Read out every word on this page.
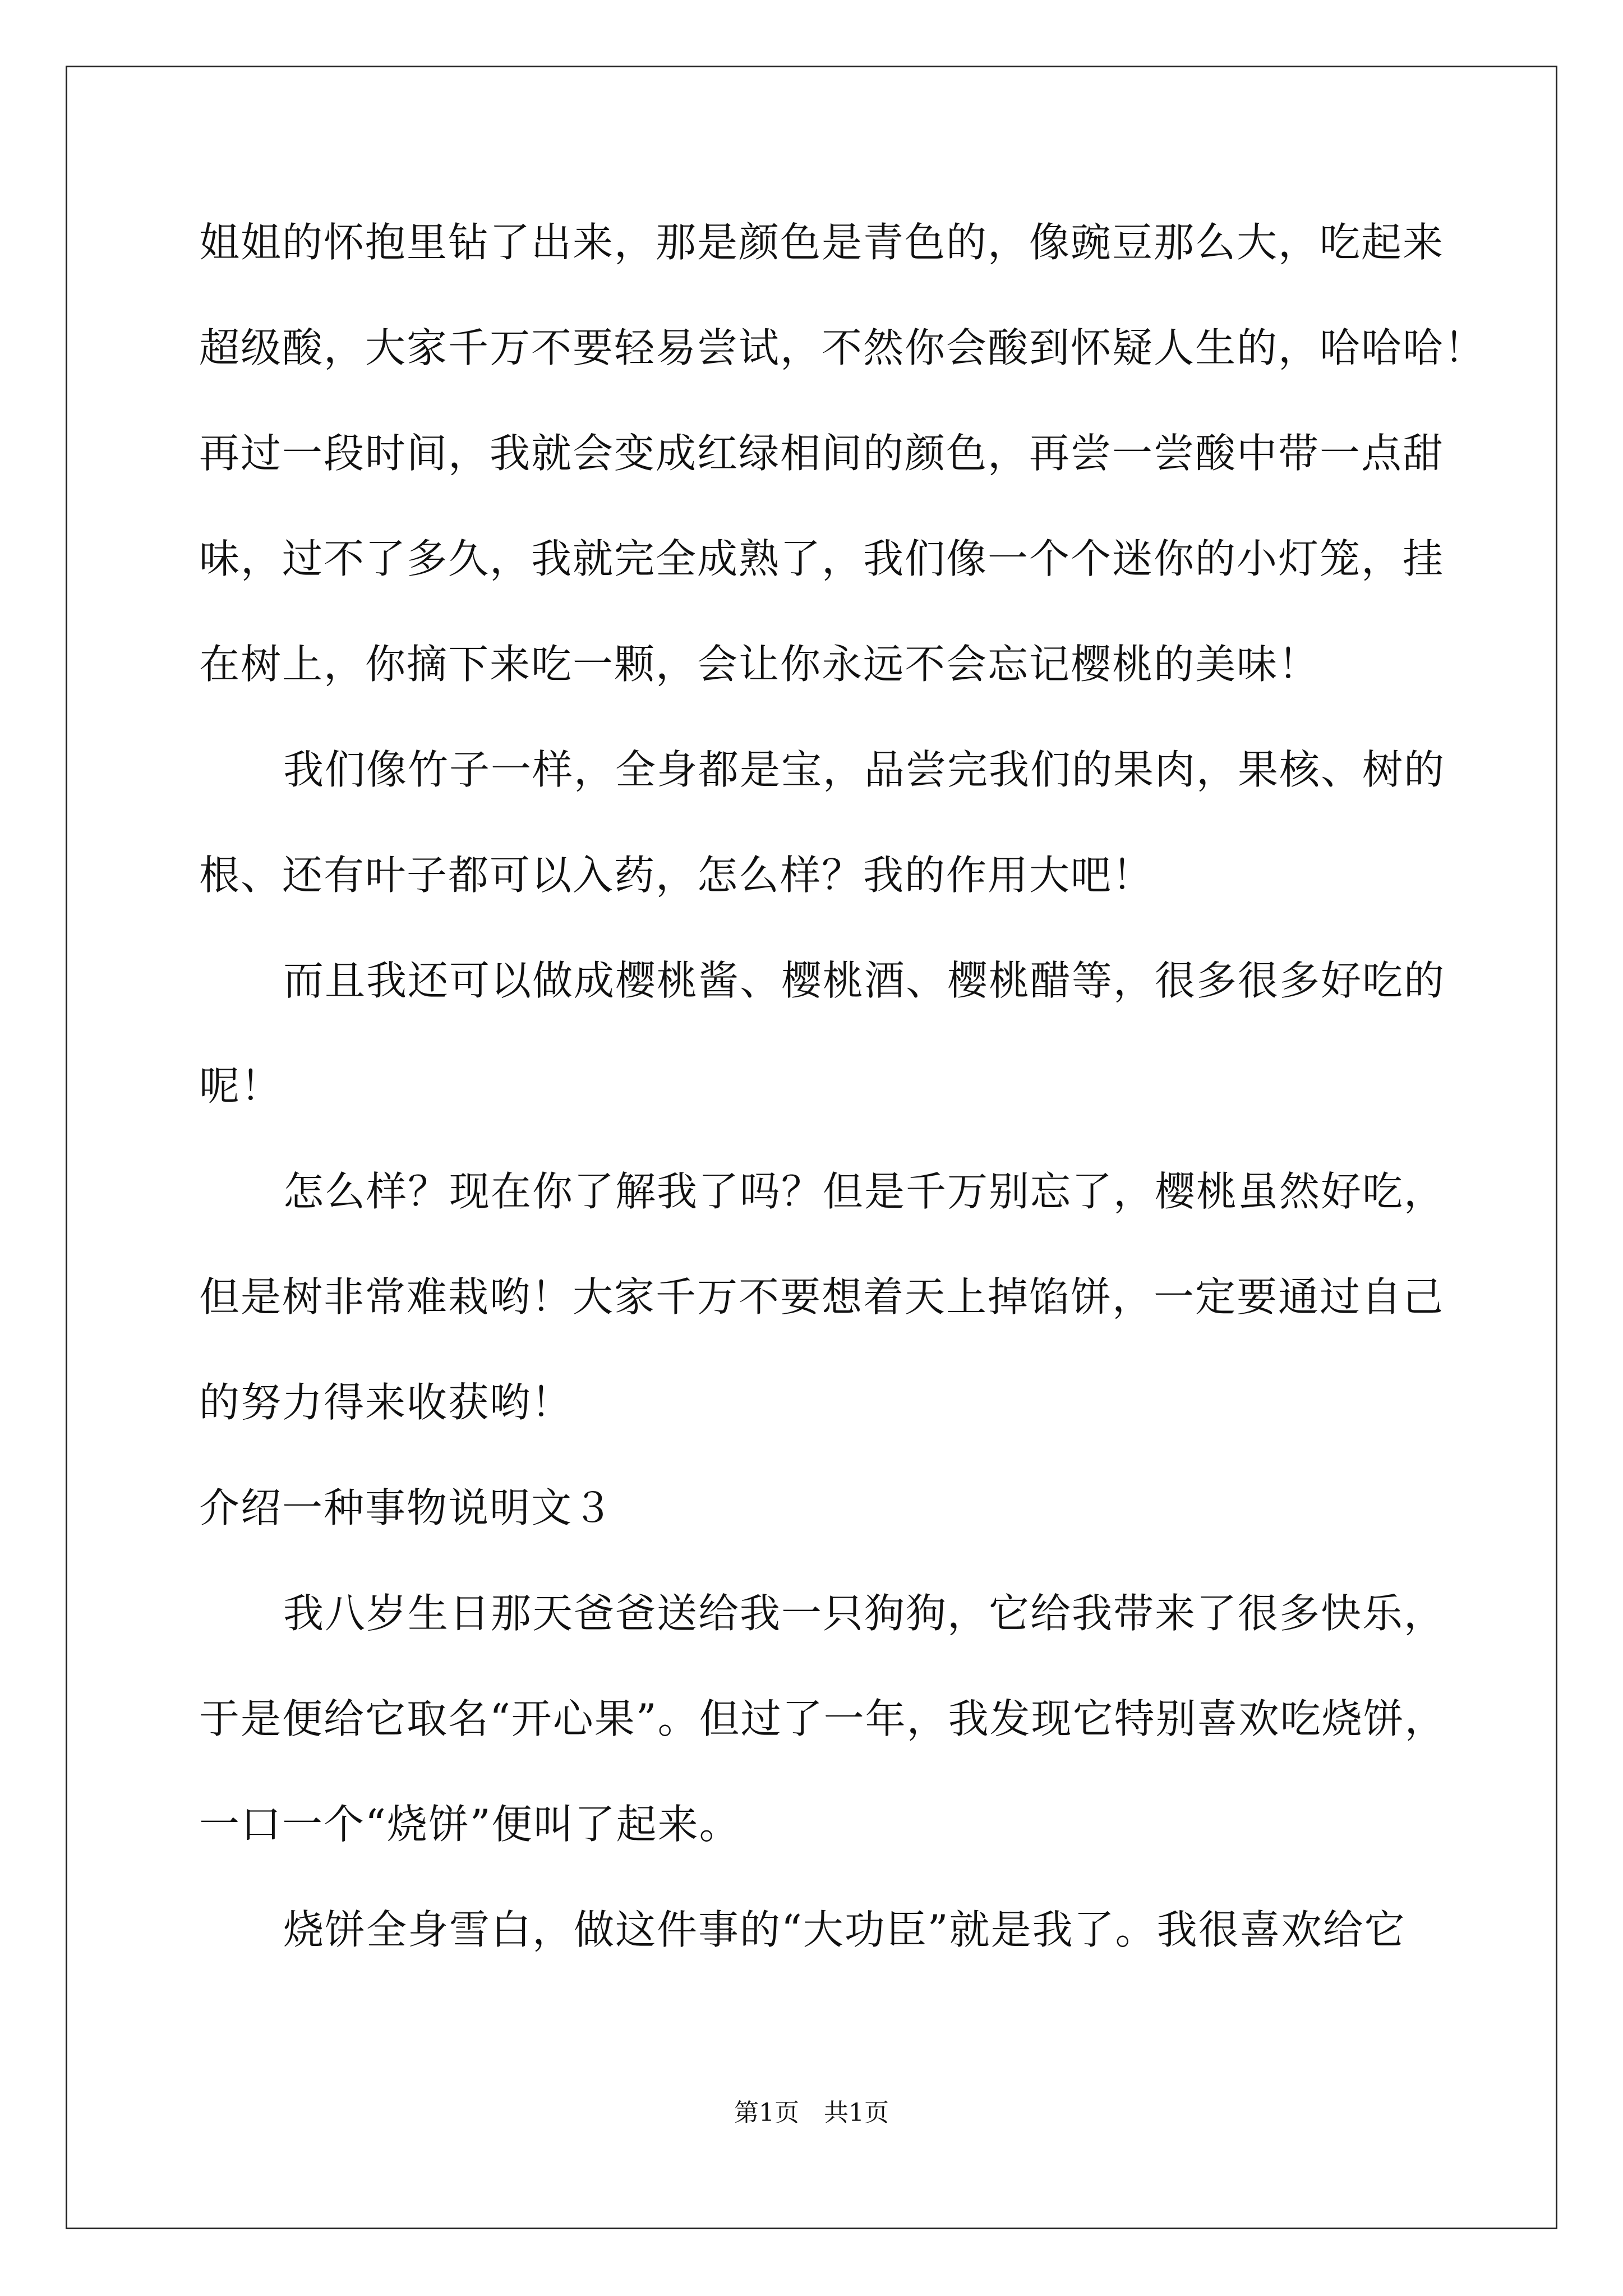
姐姐的怀抱里钻了出来，那是颜色是青色的，像豌豆那么大，吃起来
超级酸，大家千万不要轻易尝试，不然你会酸到怀疑人生的，哈哈哈！
再过一段时间，我就会变成红绿相间的颜色，再尝一尝酸中带一点甜
味，过不了多久，我就完全成熟了，我们像一个个迷你的小灯笼，挂
在树上，你摘下来吃一颗，会让你永远不会忘记樱桃的美味！
我们像竹子一样，全身都是宝，品尝完我们的果肉，果核、树的
根、还有叶子都可以入药，怎么样？我的作用大吧！
而且我还可以做成樱桃酱、樱桃酒、樱桃醋等，很多很多好吃的
呢！
怎么样？现在你了解我了吗？但是千万别忘了，樱桃虽然好吃，
但是树非常难栽哟！大家千万不要想着天上掉馅饼，一定要通过自己
的努力得来收获哟！
介绍一种事物说明文３
我八岁生日那天爸爸送给我一只狗狗，它给我带来了很多快乐，
于是便给它取名“开心果”。但过了一年，我发现它特别喜欢吃烧饼，
一口一个“烧饼”便叫了起来。
烧饼全身雪白，做这件事的“大功臣”就是我了。我很喜欢给它
第1页　共1页
